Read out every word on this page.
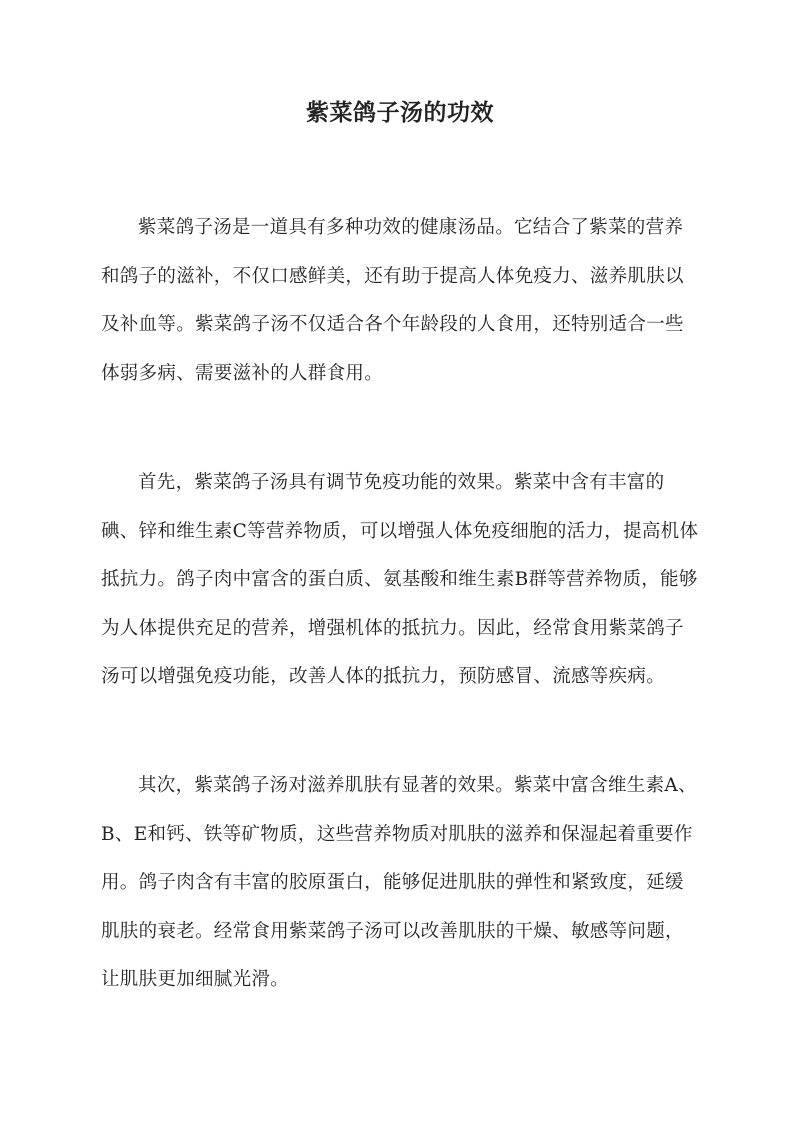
紫菜鸽子汤的功效

紫菜鸽子汤是一道具有多种功效的健康汤品。它结合了紫菜的营养和鸽子的滋补，不仅口感鲜美，还有助于提高人体免疫力、滋养肌肤以及补血等。紫菜鸽子汤不仅适合各个年龄段的人食用，还特别适合一些体弱多病、需要滋补的人群食用。

首先，紫菜鸽子汤具有调节免疫功能的效果。紫菜中含有丰富的碘、锌和维生素C等营养物质，可以增强人体免疫细胞的活力，提高机体抵抗力。鸽子肉中富含的蛋白质、氨基酸和维生素B群等营养物质，能够为人体提供充足的营养，增强机体的抵抗力。因此，经常食用紫菜鸽子汤可以增强免疫功能，改善人体的抵抗力，预防感冒、流感等疾病。

其次，紫菜鸽子汤对滋养肌肤有显著的效果。紫菜中富含维生素A、B、E和钙、铁等矿物质，这些营养物质对肌肤的滋养和保湿起着重要作用。鸽子肉含有丰富的胶原蛋白，能够促进肌肤的弹性和紧致度，延缓肌肤的衰老。经常食用紫菜鸽子汤可以改善肌肤的干燥、敏感等问题，让肌肤更加细腻光滑。
